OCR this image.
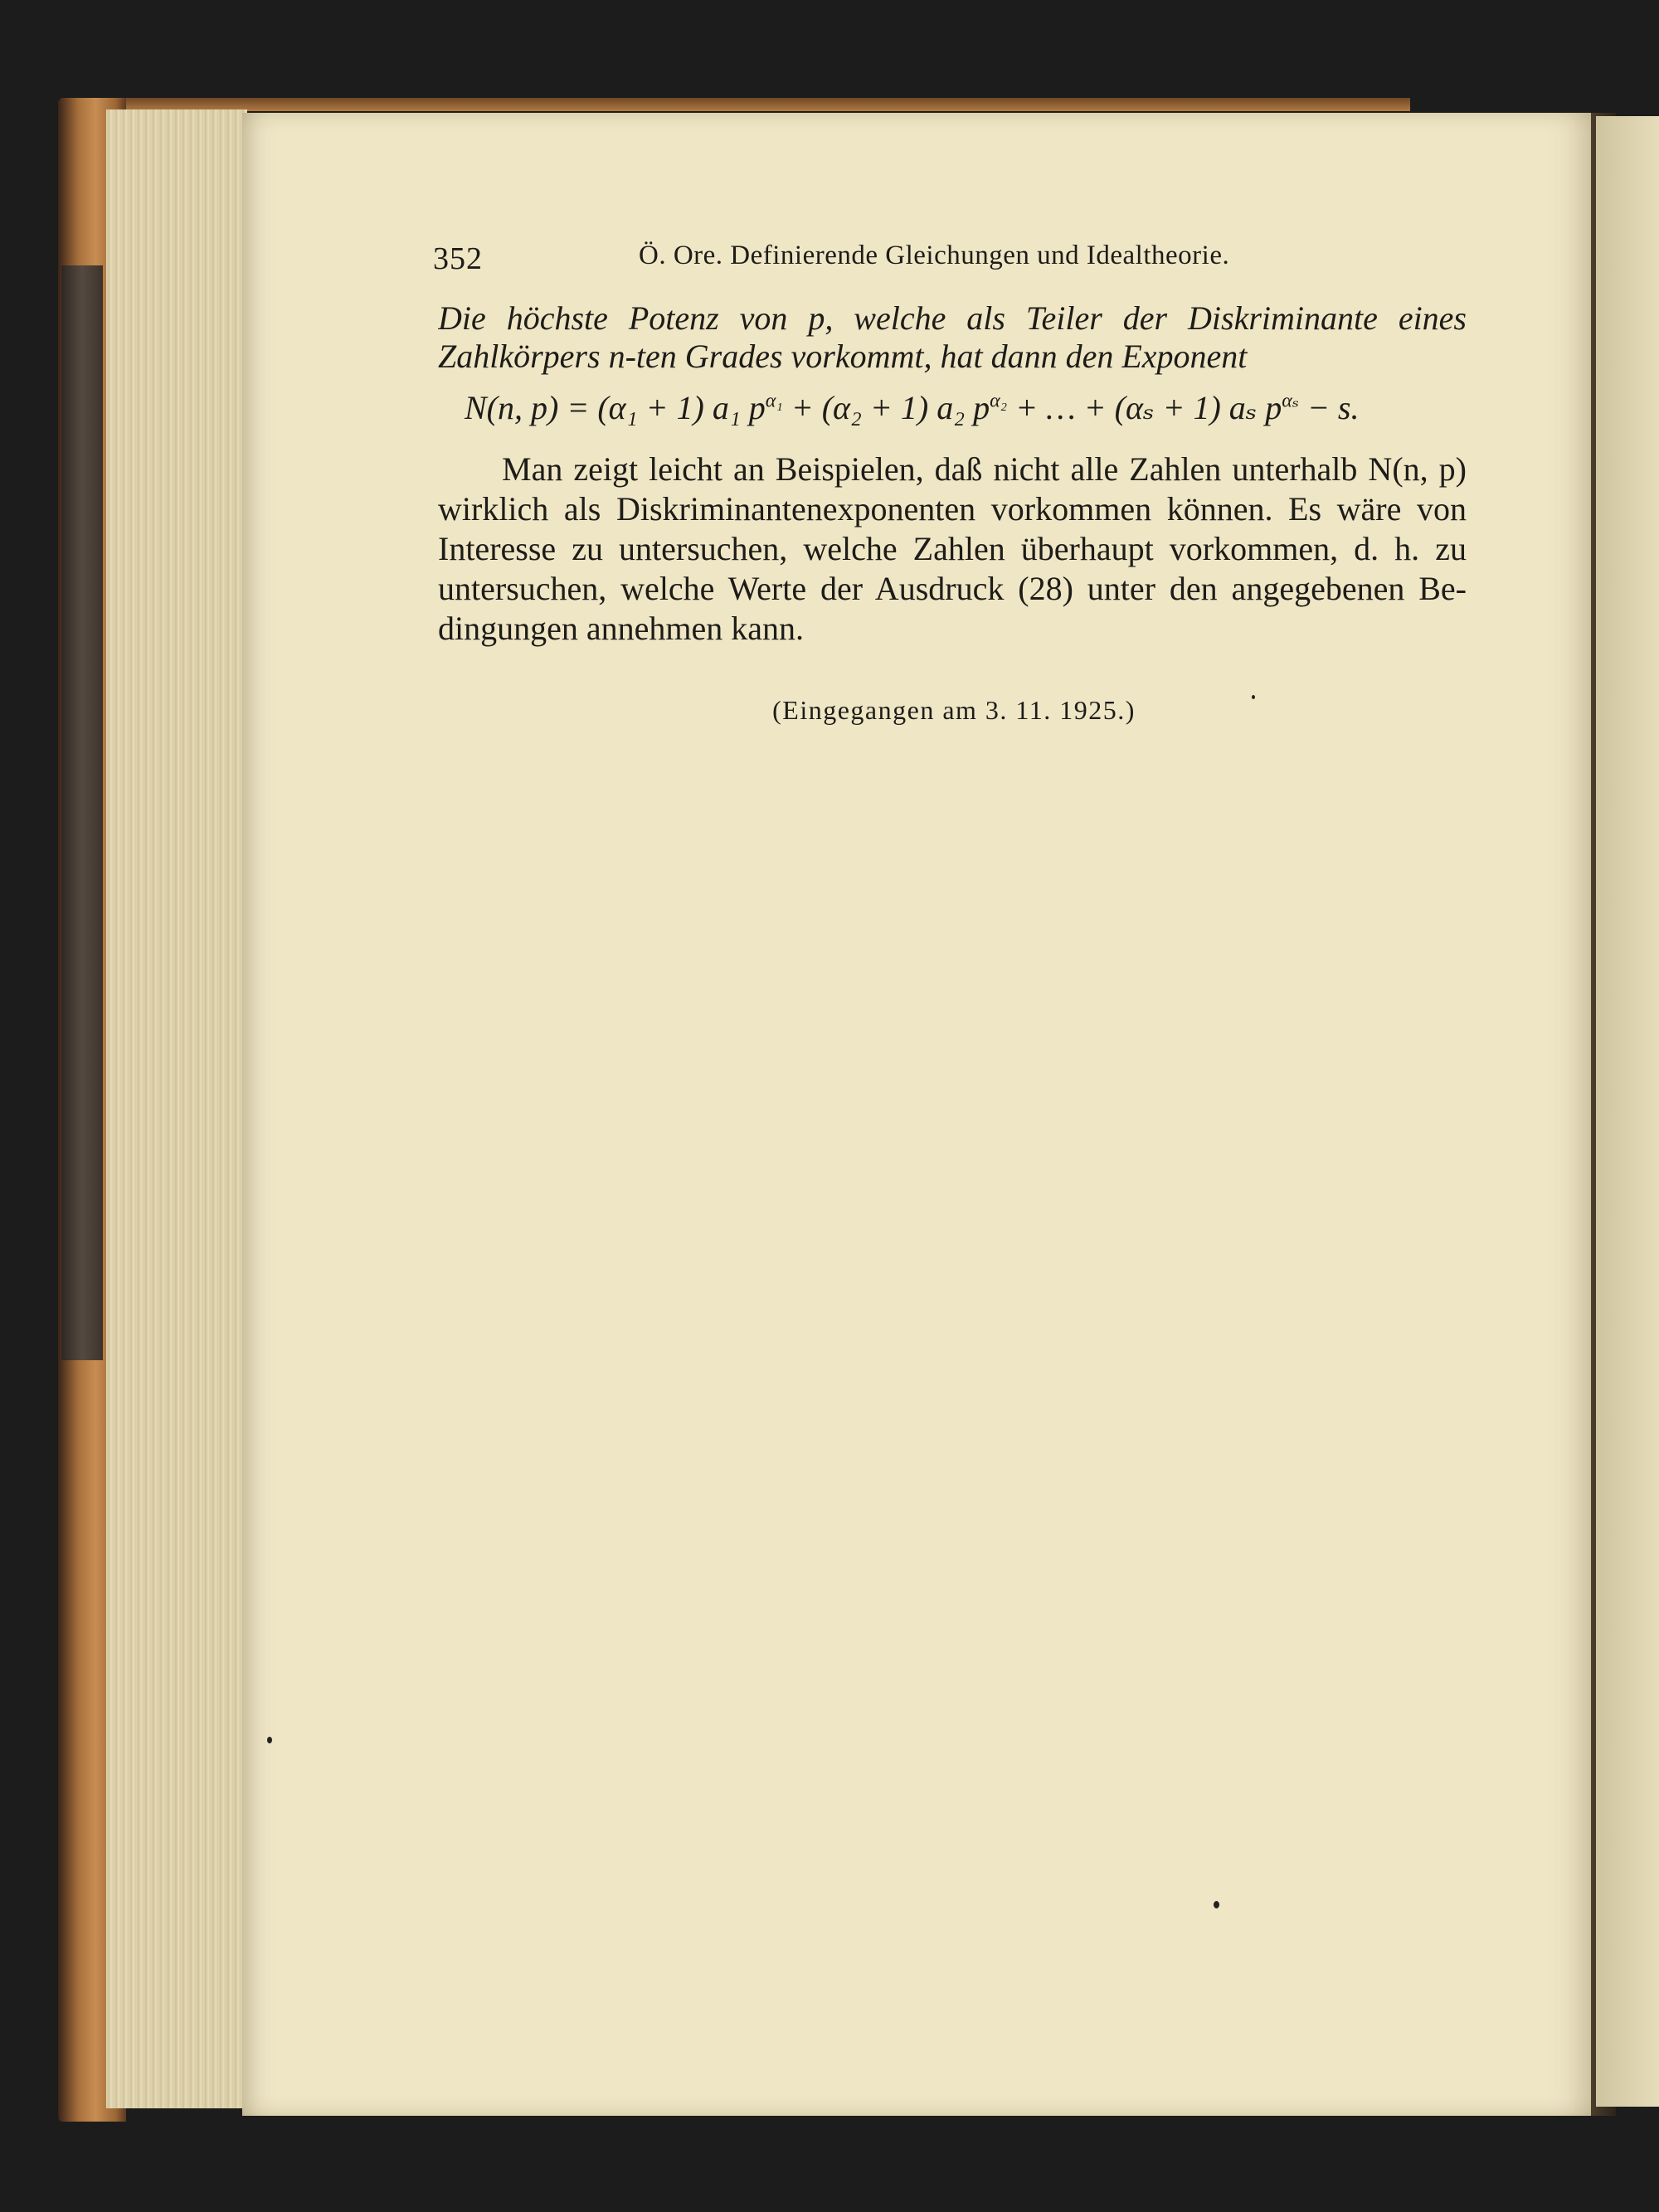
352	Ö. Ore. Definierende Gleichungen und Idealtheorie.
Die höchste Potenz von p, welche als Teiler der Diskriminante eines
Zahlkörpers n-ten Grades vorkommt, hat dann den Exponent
N(n, p) = (α₁ + 1) a₁ $p^{\alpha_1} + (\alpha_2 + 1)$ a₂ $p^{\alpha_2}$ + … + (αₛ + 1) aₛ $p^{\alpha_s} - s$.
Man zeigt leicht an Beispielen, daß nicht alle Zahlen unterhalb N(n, p)
wirklich als Diskriminantenexponenten vorkommen können. Es wäre von
Interesse zu untersuchen, welche Zahlen überhaupt vorkommen, d. h. zu
untersuchen, welche Werte der Ausdruck (28) unter den angegebenen Be-
dingungen annehmen kann.
(Eingegangen am 3. 11. 1925.)
